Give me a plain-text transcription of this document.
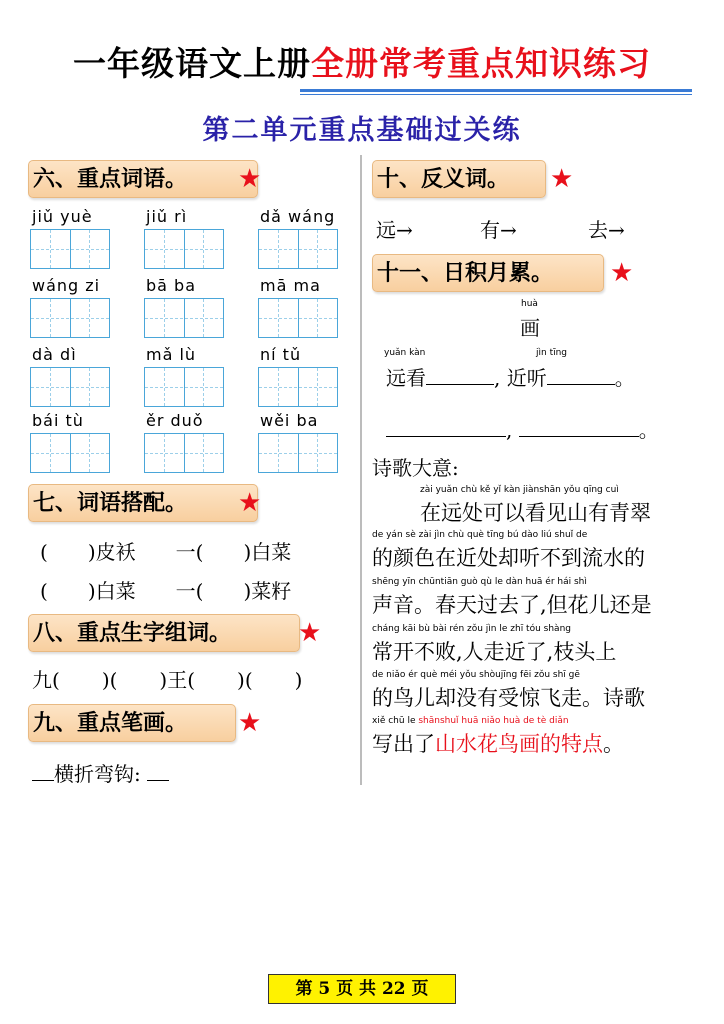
一年级语文上册全册常考重点知识练习
第二单元重点基础过关练
六、重点词语。	★
jiǔ yuè	jiǔ rì	dǎ wáng
wáng zi	bā ba	mā ma
dà dì	mǎ lù	ní tǔ
bái tù	ěr duǒ	wěi ba
七、词语搭配。	★
( )皮袄 一( )白菜
( )白菜 一( )菜籽
八、重点生字组词。	★
九( )( )王( )( )
九、重点笔画。	★
横折弯钩:
十、反义词。	★
远→	有→	去→
十一、日积月累。	★
huà
画
yuǎn kàn	jìn tīng
远看	, 近听	。
,	。
诗歌大意:
zài yuǎn chù kě yǐ kàn jiànshān yǒu qīng cuì
在远处可以看见山有青翠
de yán sè zài jìn chù què tīng bú dào liú shuǐ de
的颜色在近处却听不到流水的
shēng yīn chūntiān guò qù le dàn huā ér hái shì
声音。春天过去了,但花儿还是
cháng kāi bù bài rén zǒu jìn le zhī tóu shàng
常开不败,人走近了,枝头上
de niǎo ér què méi yǒu shòujīng fēi zǒu shī gē
的鸟儿却没有受惊飞走。诗歌
xiě chū le shānshuǐ huā niǎo huà de tè diǎn
写出了山水花鸟画的特点。
第 5 页 共 22 页
